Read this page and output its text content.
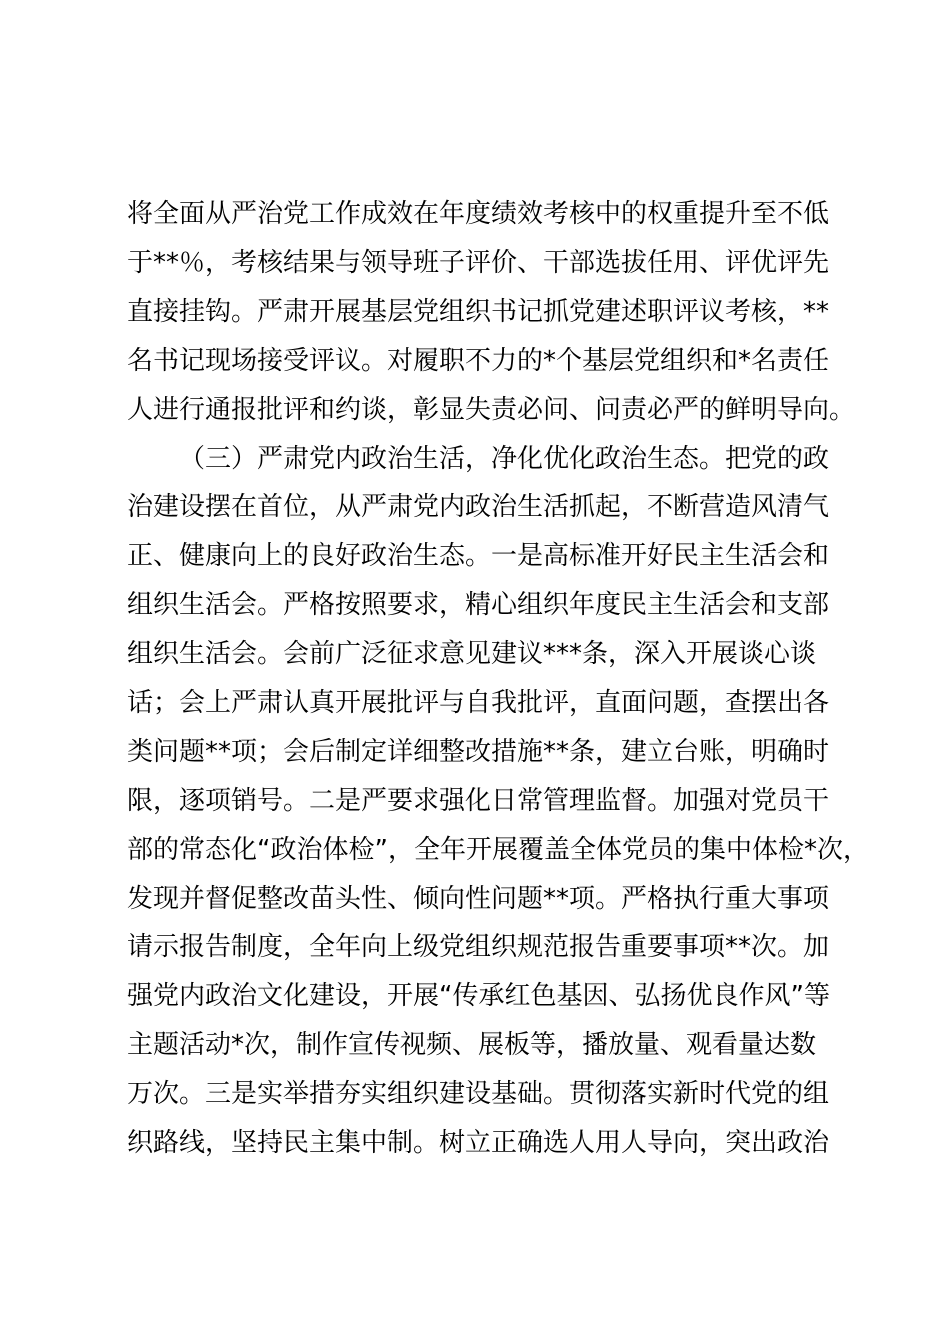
将全面从严治党工作成效在年度绩效考核中的权重提升至不低
于**％，考核结果与领导班子评价、干部选拔任用、评优评先
直接挂钩。严肃开展基层党组织书记抓党建述职评议考核，**
名书记现场接受评议。对履职不力的*个基层党组织和*名责任
人进行通报批评和约谈，彰显失责必问、问责必严的鲜明导向。
（三）严肃党内政治生活，净化优化政治生态。把党的政
治建设摆在首位，从严肃党内政治生活抓起，不断营造风清气
正、健康向上的良好政治生态。一是高标准开好民主生活会和
组织生活会。严格按照要求，精心组织年度民主生活会和支部
组织生活会。会前广泛征求意见建议***条，深入开展谈心谈
话；会上严肃认真开展批评与自我批评，直面问题，查摆出各
类问题**项；会后制定详细整改措施**条，建立台账，明确时
限，逐项销号。二是严要求强化日常管理监督。加强对党员干
部的常态化“政治体检”，全年开展覆盖全体党员的集中体检*次，
发现并督促整改苗头性、倾向性问题**项。严格执行重大事项
请示报告制度，全年向上级党组织规范报告重要事项**次。加
强党内政治文化建设，开展“传承红色基因、弘扬优良作风”等
主题活动*次，制作宣传视频、展板等，播放量、观看量达数
万次。三是实举措夯实组织建设基础。贯彻落实新时代党的组
织路线，坚持民主集中制。树立正确选人用人导向，突出政治
